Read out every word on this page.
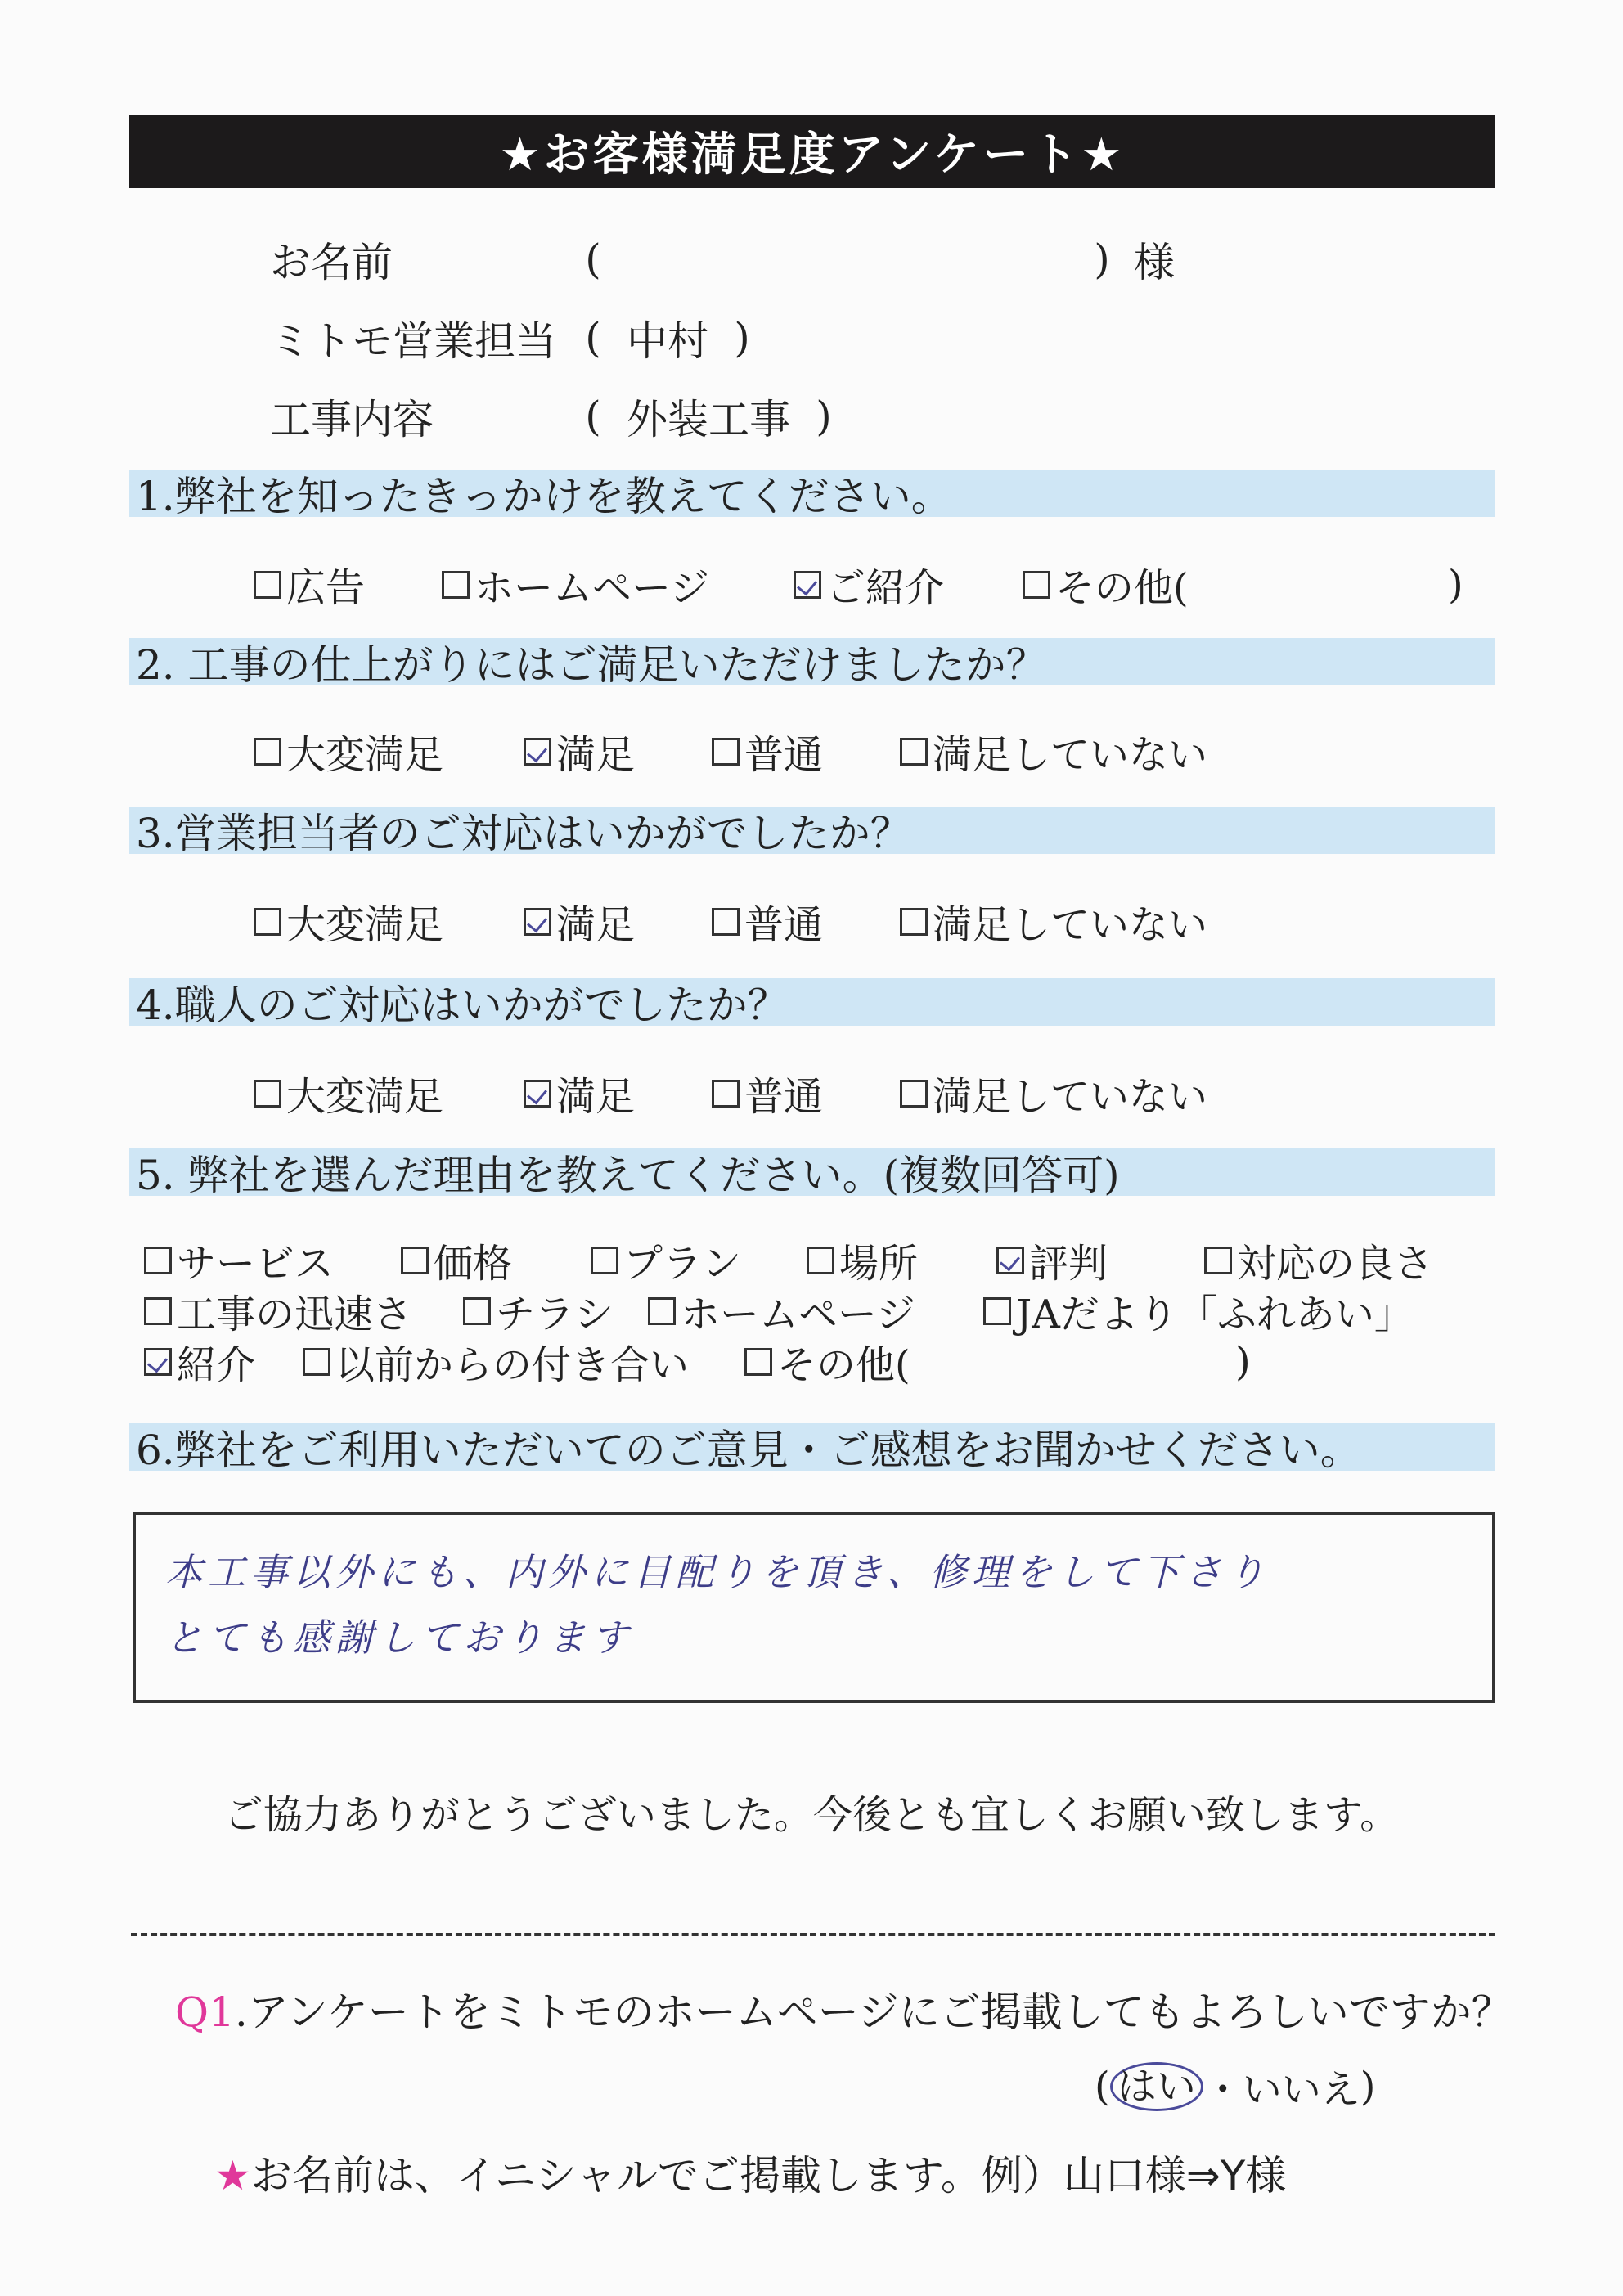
★お客様満足度アンケート★
お名前	(	) 様
ミトモ営業担当 ( 中村 )
工事内容	( 外装工事 )
1.弊社を知ったきっかけを教えてください。
広告	ホームページ	ご紹介	その他(	)
2. 工事の仕上がりにはご満足いただけましたか？
大変満足	満足	普通	満足していない
3.営業担当者のご対応はいかがでしたか？
大変満足	満足	普通	満足していない
4.職人のご対応はいかがでしたか？
大変満足	満足	普通	満足していない
5. 弊社を選んだ理由を教えてください。(複数回答可)
サービス	価格	プラン 場所	評判	対応の良さ
工事の迅速さ チラシ ホームページ	JAだより「ふれあい」
紹介 以前からの付き合い その他(	)
6.弊社をご利用いただいてのご意見・ご感想をお聞かせください。
本工事以外にも、内外に目配りを頂き、修理をして下さり
とても感謝しております
ご協力ありがとうございました。今後とも宜しくお願い致します。
Q1.アンケートをミトモのホームページにご掲載してもよろしいですか？
( はい ・いいえ )
★お名前は、イニシャルでご掲載します。例）山口様⇒Y様
